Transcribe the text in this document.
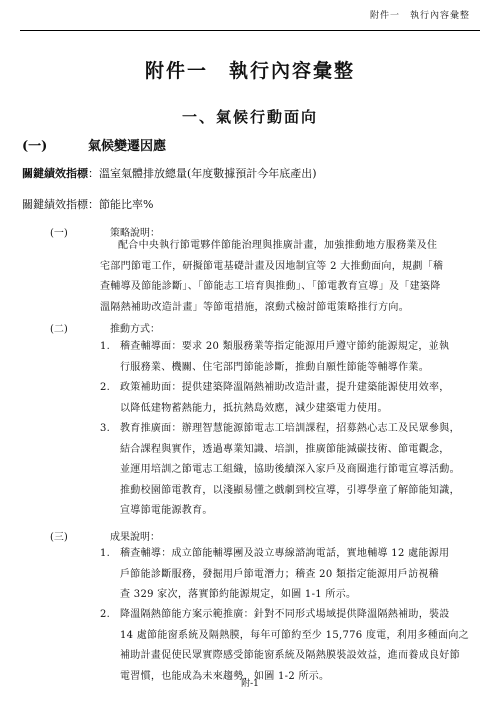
附件一　執行內容彙整
附件一　執行內容彙整
一、氣候行動面向
(一)	氣候變遷因應
關鍵績效指標：溫室氣體排放總量(年度數據預計今年底產出)
關鍵績效指標：節能比率%
(一)	策略說明：
配合中央執行節電夥伴節能治理與推廣計畫，加強推動地方服務業及住
宅部門節電工作，研擬節電基礎計畫及因地制宜等 2 大推動面向，規劃「稽
查輔導及節能診斷」、「節能志工培育與推動」、「節電教育宣導」及「建築降
溫隔熱補助改造計畫」等節電措施，滾動式檢討節電策略推行方向。
(二)	推動方式：
1. 稽查輔導面：要求 20 類服務業等指定能源用戶遵守節約能源規定，並執
行服務業、機關、住宅部門節能診斷，推動自願性節能等輔導作業。
2. 政策補助面：提供建築降溫隔熱補助改造計畫，提升建築能源使用效率，
以降低建物蓄熱能力，抵抗熱島效應，減少建築電力使用。
3. 教育推廣面：辦理智慧能源節電志工培訓課程，招募熱心志工及民眾參與，
結合課程與實作，透過專業知識、培訓，推廣節能減碳技術、節電觀念，
並運用培訓之節電志工組織，協助後續深入家戶及商圈進行節電宣導活動。
推動校園節電教育，以淺顯易懂之戲劇到校宣導，引導學童了解節能知識，
宣導節電能源教育。
(三)	成果說明：
1. 稽查輔導：成立節能輔導團及設立專線諮詢電話，實地輔導 12 處能源用
戶節能診斷服務，發掘用戶節電潛力；稽查 20 類指定能源用戶訪視稽
查 329 家次，落實節約能源規定，如圖 1-1 所示。
2. 降溫隔熱節能方案示範推廣：針對不同形式場域提供降溫隔熱補助，裝設
14 處節能窗系統及隔熱膜，每年可節約至少 15,776 度電，利用多種面向之
補助計畫促使民眾實際感受節能窗系統及隔熱膜裝設效益，進而養成良好節
電習慣，也能成為未來趨勢，如圖 1-2 所示。
附-1
